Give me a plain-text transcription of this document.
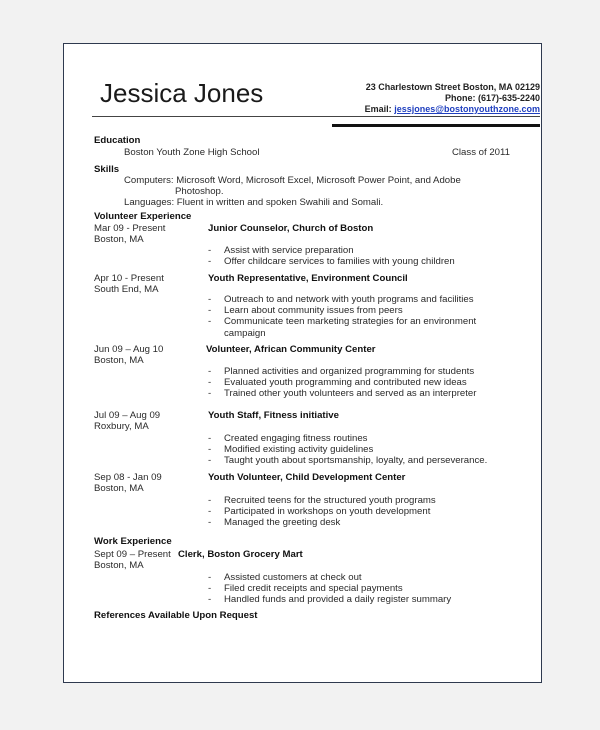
Jessica Jones	23 Charlestown Street Boston, MA 02129
Phone: (617)-635-2240
Email: jessjones@bostonyouthzone.com
Education
Boston Youth Zone High School	Class of 2011
Skills
Computers: Microsoft Word, Microsoft Excel, Microsoft Power Point, and Adobe
Photoshop.
Languages: Fluent in written and spoken Swahili and Somali.
Volunteer Experience
Mar 09 - Present
Boston, MA
Junior Counselor, Church of Boston
- Assist with service preparation
- Offer childcare services to families with young children
Apr 10 - Present
South End, MA
Youth Representative, Environment Council
- Outreach to and network with youth programs and facilities
- Learn about community issues from peers
- Communicate teen marketing strategies for an environment campaign
Jun 09 – Aug 10
Boston, MA
Volunteer, African Community Center
- Planned activities and organized programming for students
- Evaluated youth programming and contributed new ideas
- Trained other youth volunteers and served as an interpreter
Jul 09 – Aug 09
Roxbury, MA
Youth Staff, Fitness initiative
- Created engaging fitness routines
- Modified existing activity guidelines
- Taught youth about sportsmanship, loyalty, and perseverance.
Sep 08 - Jan 09
Boston, MA
Youth Volunteer, Child Development Center
- Recruited teens for the structured youth programs
- Participated in workshops on youth development
- Managed the greeting desk
Work Experience
Sept 09 – Present Clerk, Boston Grocery Mart
Boston, MA
- Assisted customers at check out
- Filed credit receipts and special payments
- Handled funds and provided a daily register summary
References Available Upon Request
